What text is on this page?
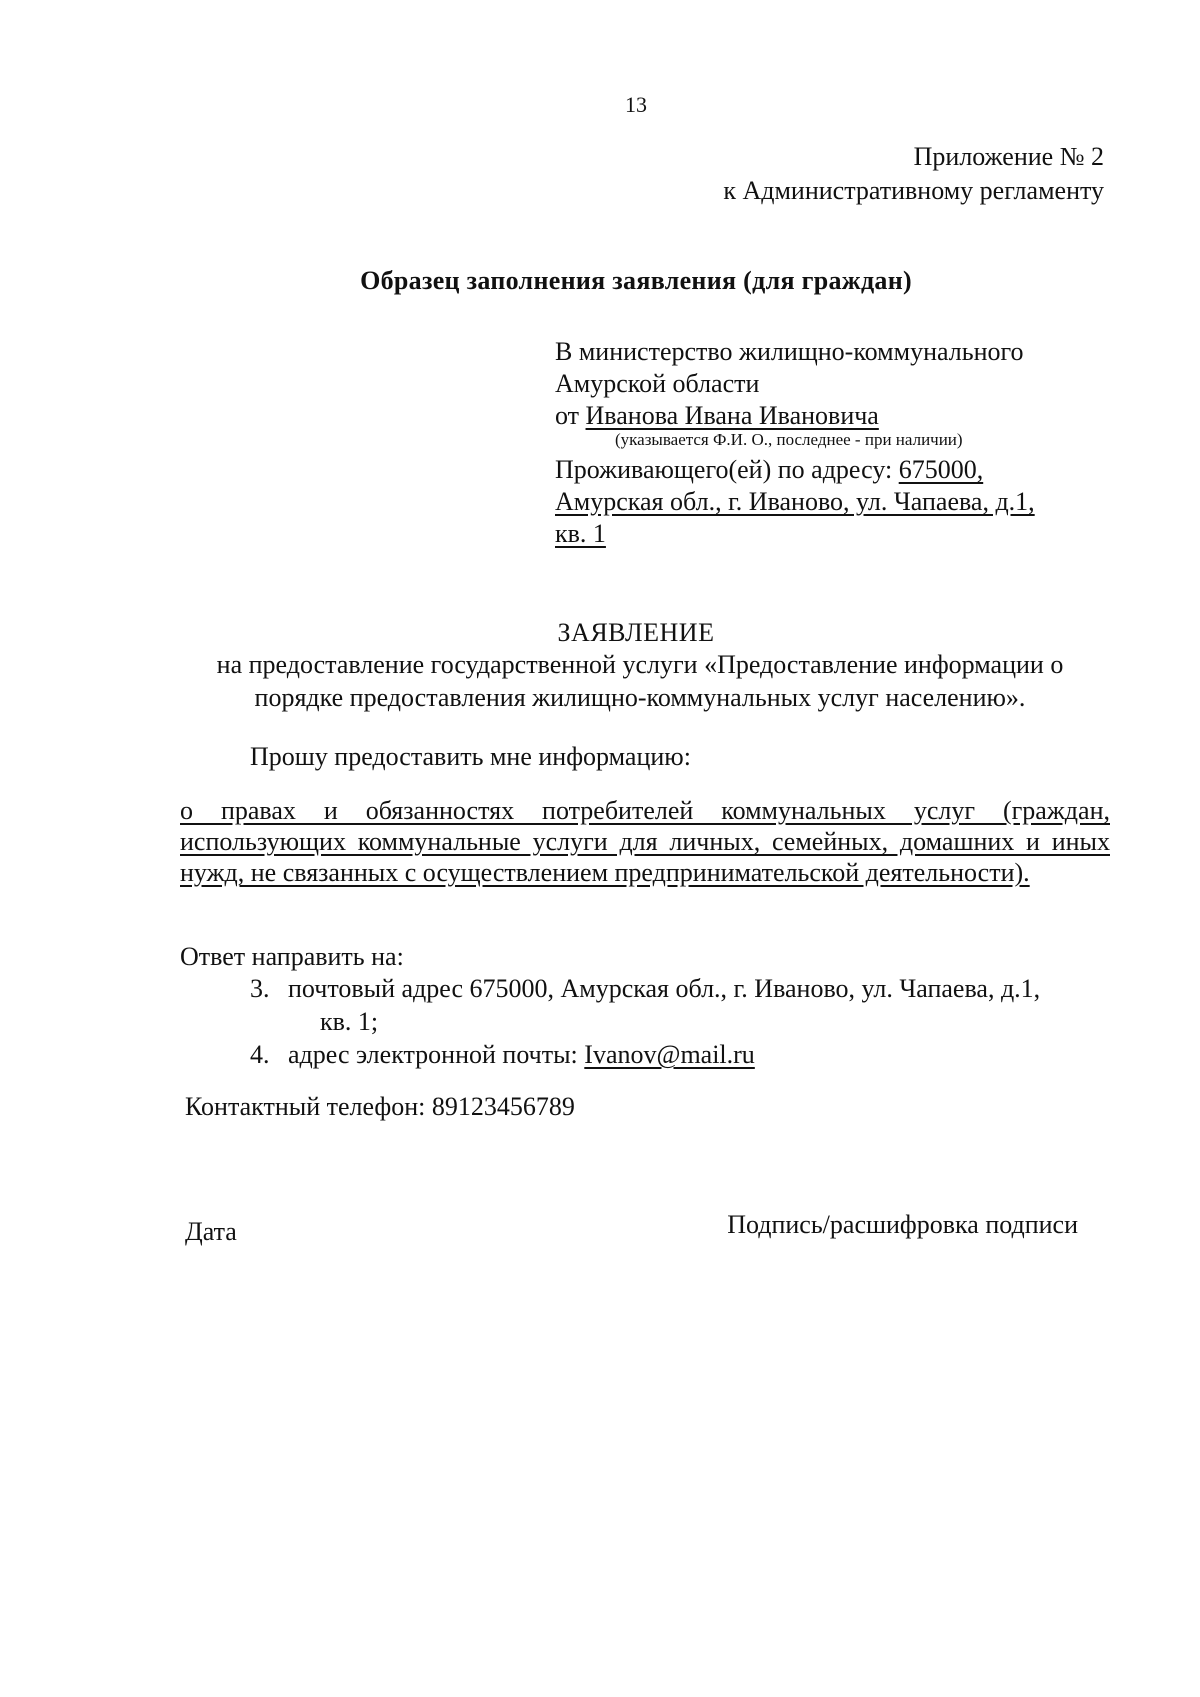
13
Приложение № 2
к Административному регламенту
Образец заполнения заявления (для граждан)
В министерство жилищно-коммунального
Амурской области
от Иванова Ивана Ивановича
(указывается Ф.И. О., последнее - при наличии)
Проживающего(ей) по адресу: 675000,
Амурская обл., г. Иваново, ул. Чапаева, д.1,
кв. 1
ЗАЯВЛЕНИЕ
на предоставление государственной услуги «Предоставление информации о порядке предоставления жилищно-коммунальных услуг населению».
Прошу предоставить мне информацию:
о правах и обязанностях потребителей коммунальных услуг (граждан, использующих коммунальные услуги для личных, семейных, домашних и иных нужд, не связанных с осуществлением предпринимательской деятельности).
Ответ направить на:
3. почтовый адрес 675000, Амурская обл., г. Иваново, ул. Чапаева, д.1,
кв. 1;
4. адрес электронной почты: Ivanov@mail.ru
Контактный телефон: 89123456789
Дата	Подпись/расшифровка подписи
